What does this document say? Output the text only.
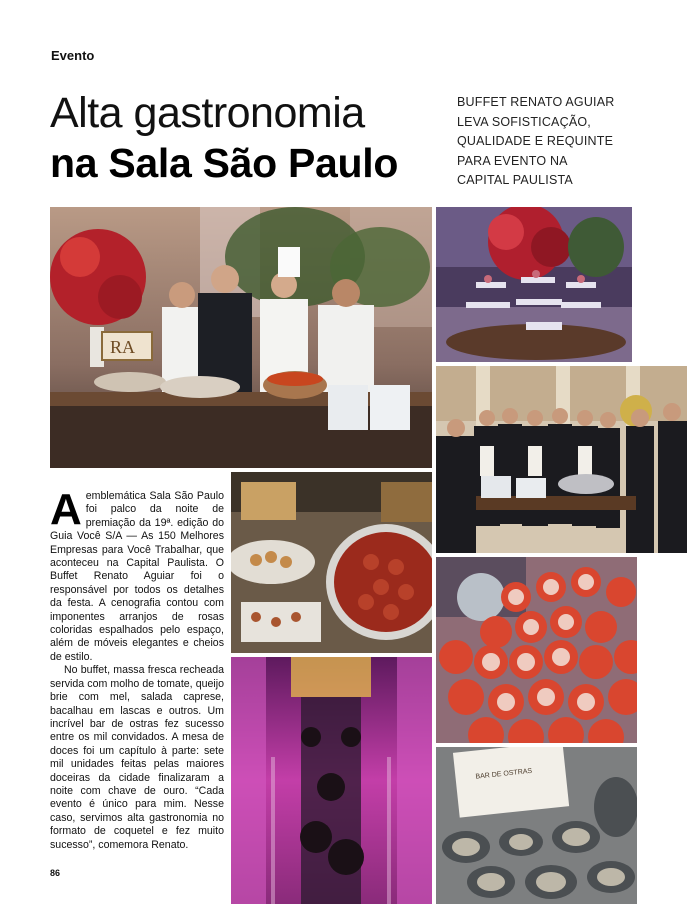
Evento
Alta gastronomia
na Sala São Paulo
BUFFET RENATO AGUIAR
LEVA SOFISTICAÇÃO,
QUALIDADE E REQUINTE
PARA EVENTO NA
CAPITAL PAULISTA
RA
BAR DE OSTRAS

Aemblemática Sala São Paulo foi palco da noite de premiação da 19ª. edição do Guia Você S/A — As 150 Melhores Empresas para Você Trabalhar, que aconteceu na Capital Paulista. O Buffet Renato Aguiar foi o responsável por todos os detalhes da festa. A cenografia contou com imponentes arranjos de rosas coloridas espalhados pelo espaço, além de móveis elegantes e cheios de estilo.

No buffet, massa fresca recheada servida com molho de tomate, queijo brie com mel, salada caprese, bacalhau em lascas e outros. Um incrível bar de ostras fez sucesso entre os mil convidados. A mesa de doces foi um capítulo à parte: sete mil unidades feitas pelas maiores doceiras da cidade finalizaram a noite com chave de ouro. “Cada evento é único para mim. Nesse caso, servimos alta gastronomia no formato de coquetel e fez muito sucesso”, comemora Renato.

86
